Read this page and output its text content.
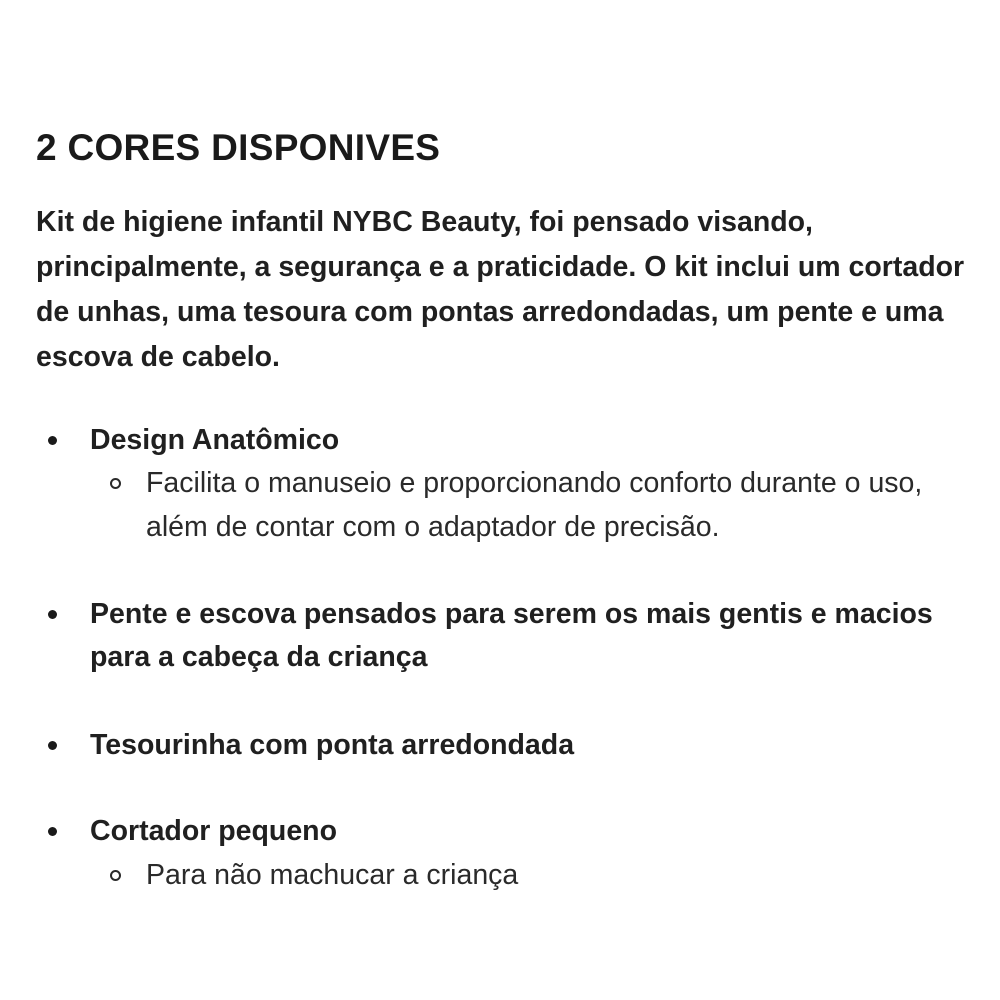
2 CORES DISPONIVES

Kit de higiene infantil NYBC Beauty, foi pensado visando, principalmente, a segurança e a praticidade. O kit inclui um cortador de unhas, uma tesoura com pontas arredondadas, um pente e uma escova de cabelo.

Design Anatômico
Facilita o manuseio e proporcionando conforto durante o uso, além de contar com o adaptador de precisão.
Pente e escova pensados para serem os mais gentis e macios para a cabeça da criança
Tesourinha com ponta arredondada
Cortador pequeno
Para não machucar a criança
